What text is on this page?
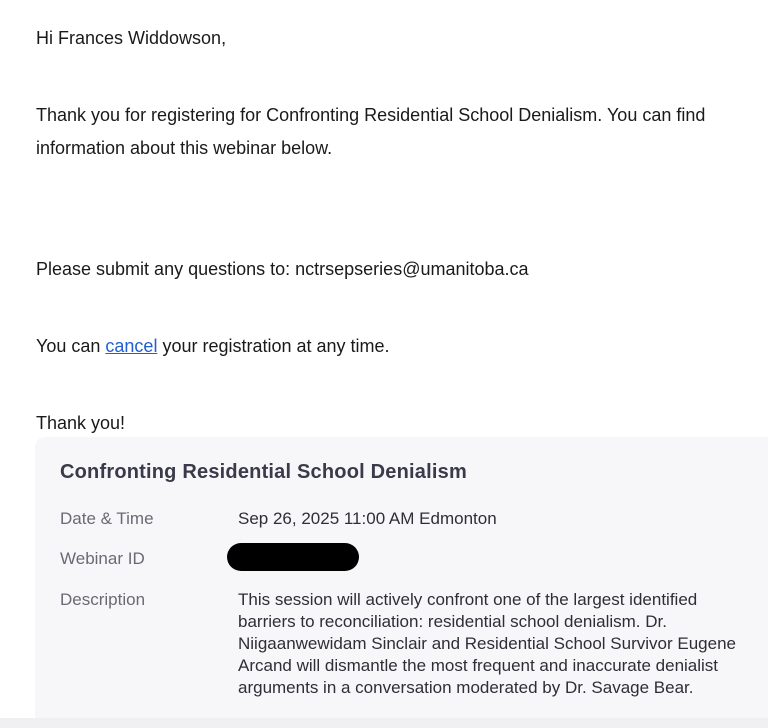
Hi Frances Widdowson,

Thank you for registering for Confronting Residential School Denialism. You can find information about this webinar below.

Please submit any questions to: nctrsepseries@umanitoba.ca

You can cancel your registration at any time.

Thank you!

Confronting Residential School Denialism
Date & Time	Sep 26, 2025 11:00 AM Edmonton
Webinar ID
Description	This session will actively confront one of the largest identified barriers to reconciliation: residential school denialism. Dr. Niigaanwewidam Sinclair and Residential School Survivor Eugene Arcand will dismantle the most frequent and inaccurate denialist arguments in a conversation moderated by Dr. Savage Bear.
